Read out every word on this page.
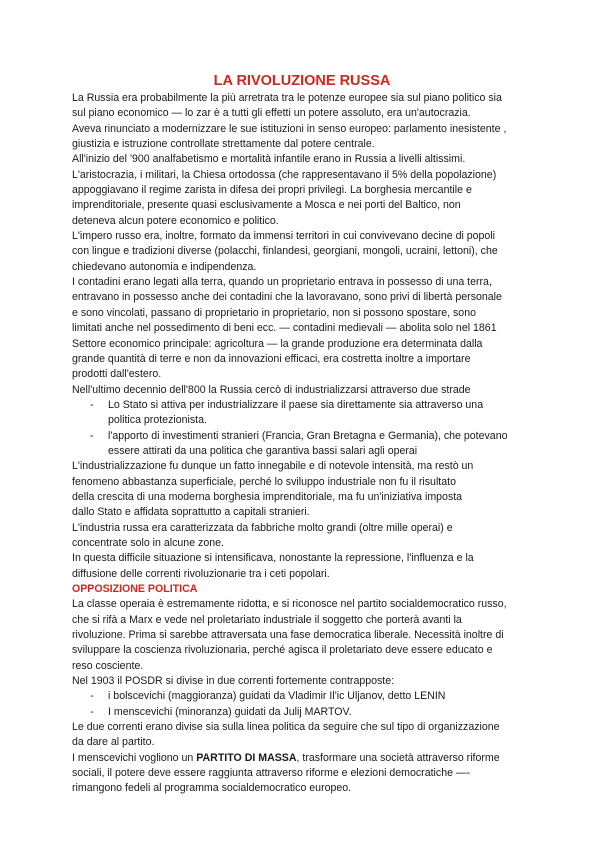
LA RIVOLUZIONE RUSSA

La Russia era probabilmente la più arretrata tra le potenze europee sia sul piano politico sia

sul piano economico — lo zar è a tutti gli effetti un potere assoluto, era un'autocrazia.

Aveva rinunciato a modernizzare le sue istituzioni in senso europeo: parlamento inesistente ,

giustizia e istruzione controllate strettamente dal potere centrale.

All'inizio del '900 analfabetismo e mortalità infantile erano in Russia a livelli altissimi.

L'aristocrazia, i militari, la Chiesa ortodossa (che rappresentavano il 5% della popolazione)

appoggiavano il regime zarista in difesa dei propri privilegi. La borghesia mercantile e

imprenditoriale, presente quasi esclusivamente a Mosca e nei porti del Baltico, non

deteneva alcun potere economico e politico.

L'impero russo era, inoltre, formato da immensi territori in cui convivevano decine di popoli

con lingue e tradizioni diverse (polacchi, finlandesi, georgiani, mongoli, ucraini, lettoni), che

chiedevano autonomia e indipendenza.

I contadini erano legati alla terra, quando un proprietario entrava in possesso di una terra,

entravano in possesso anche dei contadini che la lavoravano, sono privi di libertà personale

e sono vincolati, passano di proprietario in proprietario, non si possono spostare, sono

limitati anche nel possedimento di beni ecc. — contadini medievali — abolita solo nel 1861

Settore economico principale: agricoltura — la grande produzione era determinata dalla

grande quantità di terre e non da innovazioni efficaci, era costretta inoltre a importare

prodotti dall'estero.

Nell'ultimo decennio dell'800 la Russia cercò di industrializzarsi attraverso due strade

- Lo Stato si attiva per industrializzare il paese sia direttamente sia attraverso una

politica protezionista.

- l'apporto di investimenti stranieri (Francia, Gran Bretagna e Germania), che potevano

essere attirati da una politica che garantiva bassi salari agli operai

L'industrializzazione fu dunque un fatto innegabile e di notevole intensità, ma restò un

fenomeno abbastanza superficiale, perché lo sviluppo industriale non fu il risultato

della crescita di una moderna borghesia imprenditoriale, ma fu un'iniziativa imposta

dallo Stato e affidata soprattutto a capitali stranieri.

L'industria russa era caratterizzata da fabbriche molto grandi (oltre mille operai) e

concentrate solo in alcune zone.

In questa difficile situazione si intensificava, nonostante la repressione, l'influenza e la

diffusione delle correnti rivoluzionarie tra i ceti popolari.

OPPOSIZIONE POLITICA

La classe operaia è estremamente ridotta, e si riconosce nel partito socialdemocratico russo,

che si rifà a Marx e vede nel proletariato industriale il soggetto che porterà avanti la

rivoluzione. Prima si sarebbe attraversata una fase democratica liberale. Necessità inoltre di

sviluppare la coscienza rivoluzionaria, perché agisca il proletariato deve essere educato e

reso cosciente.

Nel 1903 il POSDR si divise in due correnti fortemente contrapposte:

- i bolscevichi (maggioranza) guidati da Vladimir Il'ic Uljanov, detto LENIN

- I menscevichi (minoranza) guidati da Julij MARTOV.

Le due correnti erano divise sia sulla linea politica da seguire che sul tipo di organizzazione

da dare al partito.

I menscevichi vogliono un PARTITO DI MASSA, trasformare una società attraverso riforme

sociali, il potere deve essere raggiunta attraverso riforme e elezioni democratiche —-

rimangono fedeli al programma socialdemocratico europeo.
